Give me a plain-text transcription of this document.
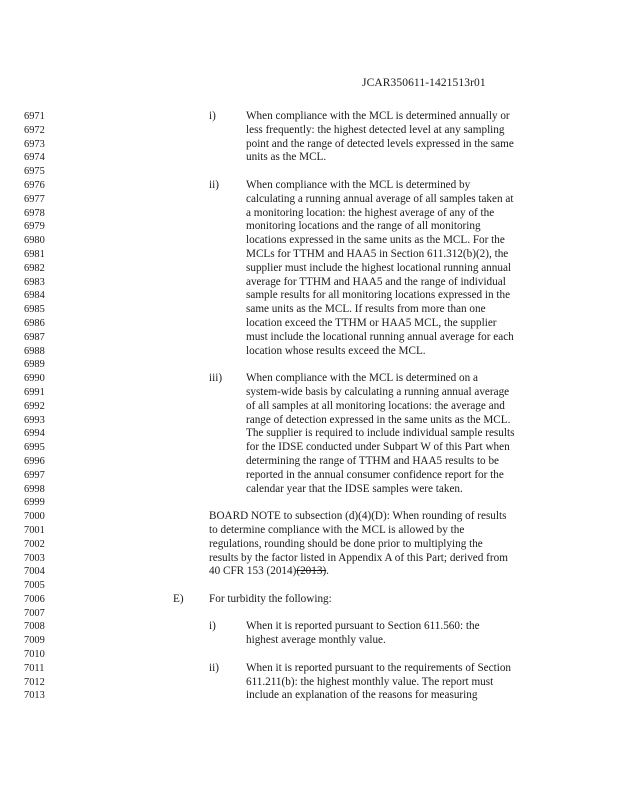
JCAR350611-1421513r01
6971
6972
6973
6974
6975
6976
6977
6978
6979
6980
6981
6982
6983
6984
6985
6986
6987
6988
6989
6990
6991
6992
6993
6994
6995
6996
6997
6998
6999
7000
7001
7002
7003
7004
7005
7006
7007
7008
7009
7010
7011
7012
7013
i)	When compliance with the MCL is determined annually or
less frequently: the highest detected level at any sampling
point and the range of detected levels expressed in the same
units as the MCL.
ii) When compliance with the MCL is determined by
calculating a running annual average of all samples taken at
a monitoring location: the highest average of any of the
monitoring locations and the range of all monitoring
locations expressed in the same units as the MCL. For the
MCLs for TTHM and HAA5 in Section 611.312(b)(2), the
supplier must include the highest locational running annual
average for TTHM and HAA5 and the range of individual
sample results for all monitoring locations expressed in the
same units as the MCL. If results from more than one
location exceed the TTHM or HAA5 MCL, the supplier
must include the locational running annual average for each
location whose results exceed the MCL.
iii) When compliance with the MCL is determined on a
system-wide basis by calculating a running annual average
of all samples at all monitoring locations: the average and
range of detection expressed in the same units as the MCL.
The supplier is required to include individual sample results
for the IDSE conducted under Subpart W of this Part when
determining the range of TTHM and HAA5 results to be
reported in the annual consumer confidence report for the
calendar year that the IDSE samples were taken.
BOARD NOTE to subsection (d)(4)(D): When rounding of results
to determine compliance with the MCL is allowed by the
regulations, rounding should be done prior to multiplying the
results by the factor listed in Appendix A of this Part; derived from
40 CFR 153 (2014)(2013).
E) For turbidity the following:
i)	When it is reported pursuant to Section 611.560: the
highest average monthly value.
ii) When it is reported pursuant to the requirements of Section
611.211(b): the highest monthly value. The report must
include an explanation of the reasons for measuring
